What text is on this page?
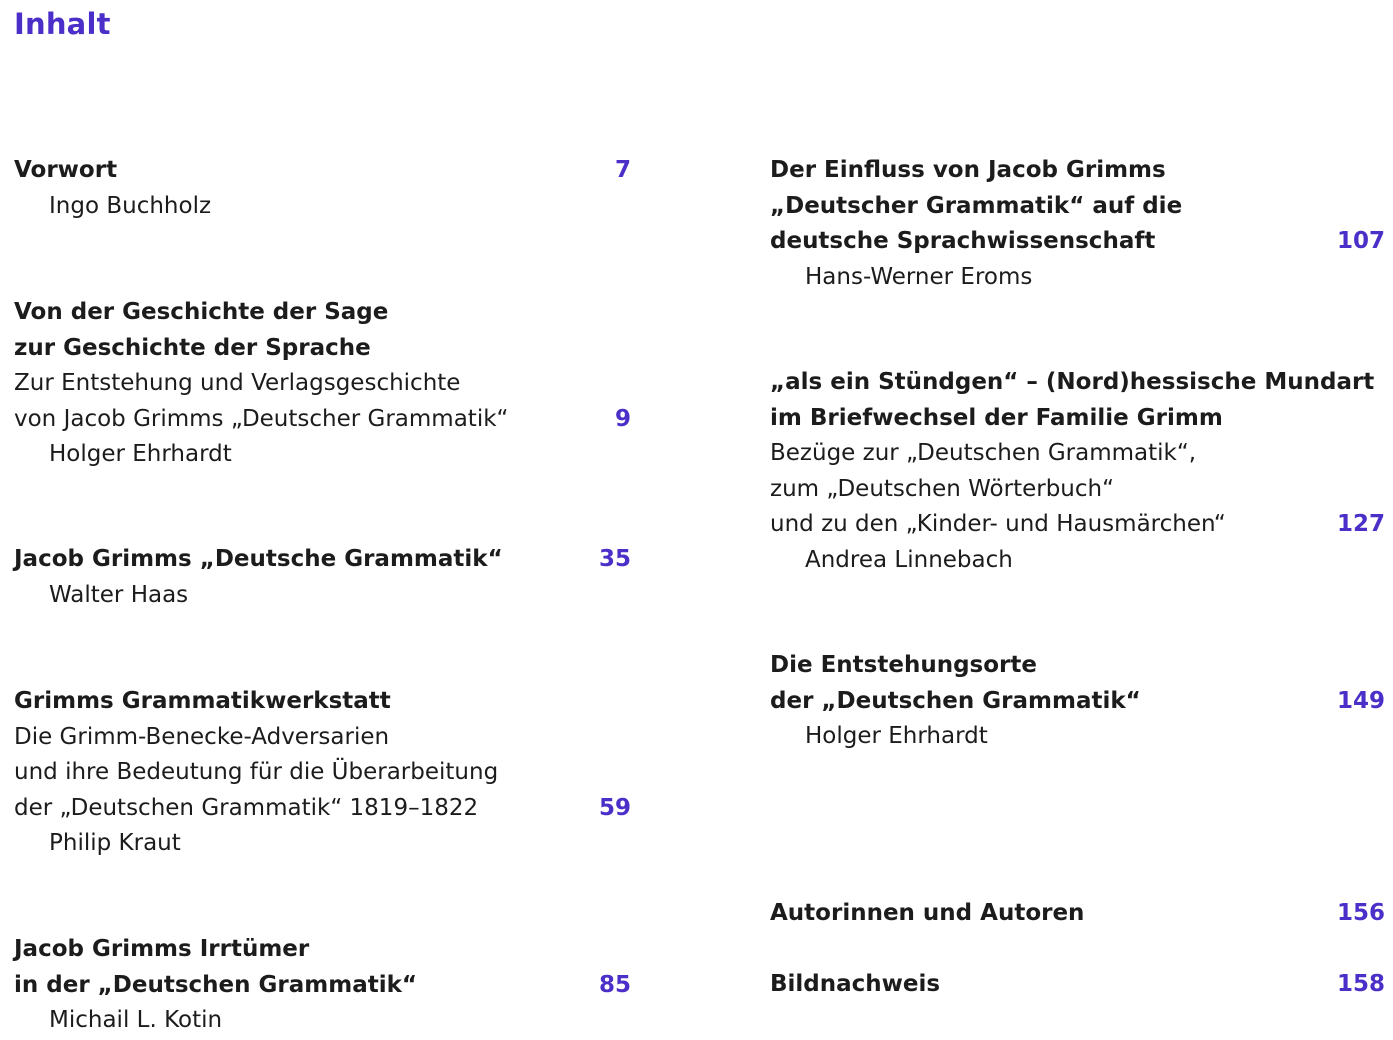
Inhalt
Vorwort	7
Ingo Buchholz
Von der Geschichte der Sage
zur Geschichte der Sprache
Zur Entstehung und Verlagsgeschichte
von Jacob Grimms „Deutscher Grammatik“	9
Holger Ehrhardt
Jacob Grimms „Deutsche Grammatik“	35
Walter Haas
Grimms Grammatikwerkstatt
Die Grimm-Benecke-Adversarien
und ihre Bedeutung für die Überarbeitung
der „Deutschen Grammatik“ 1819–1822	59
Philip Kraut
Jacob Grimms Irrtümer
in der „Deutschen Grammatik“	85
Michail L. Kotin
Der Einfluss von Jacob Grimms
„Deutscher Grammatik“ auf die
deutsche Sprachwissenschaft	107
Hans-Werner Eroms
„als ein Stündgen“ – (Nord)hessische Mundart
im Briefwechsel der Familie Grimm
Bezüge zur „Deutschen Grammatik“,
zum „Deutschen Wörterbuch“
und zu den „Kinder- und Hausmärchen“	127
Andrea Linnebach
Die Entstehungsorte
der „Deutschen Grammatik“	149
Holger Ehrhardt
Autorinnen und Autoren	156
Bildnachweis	158
